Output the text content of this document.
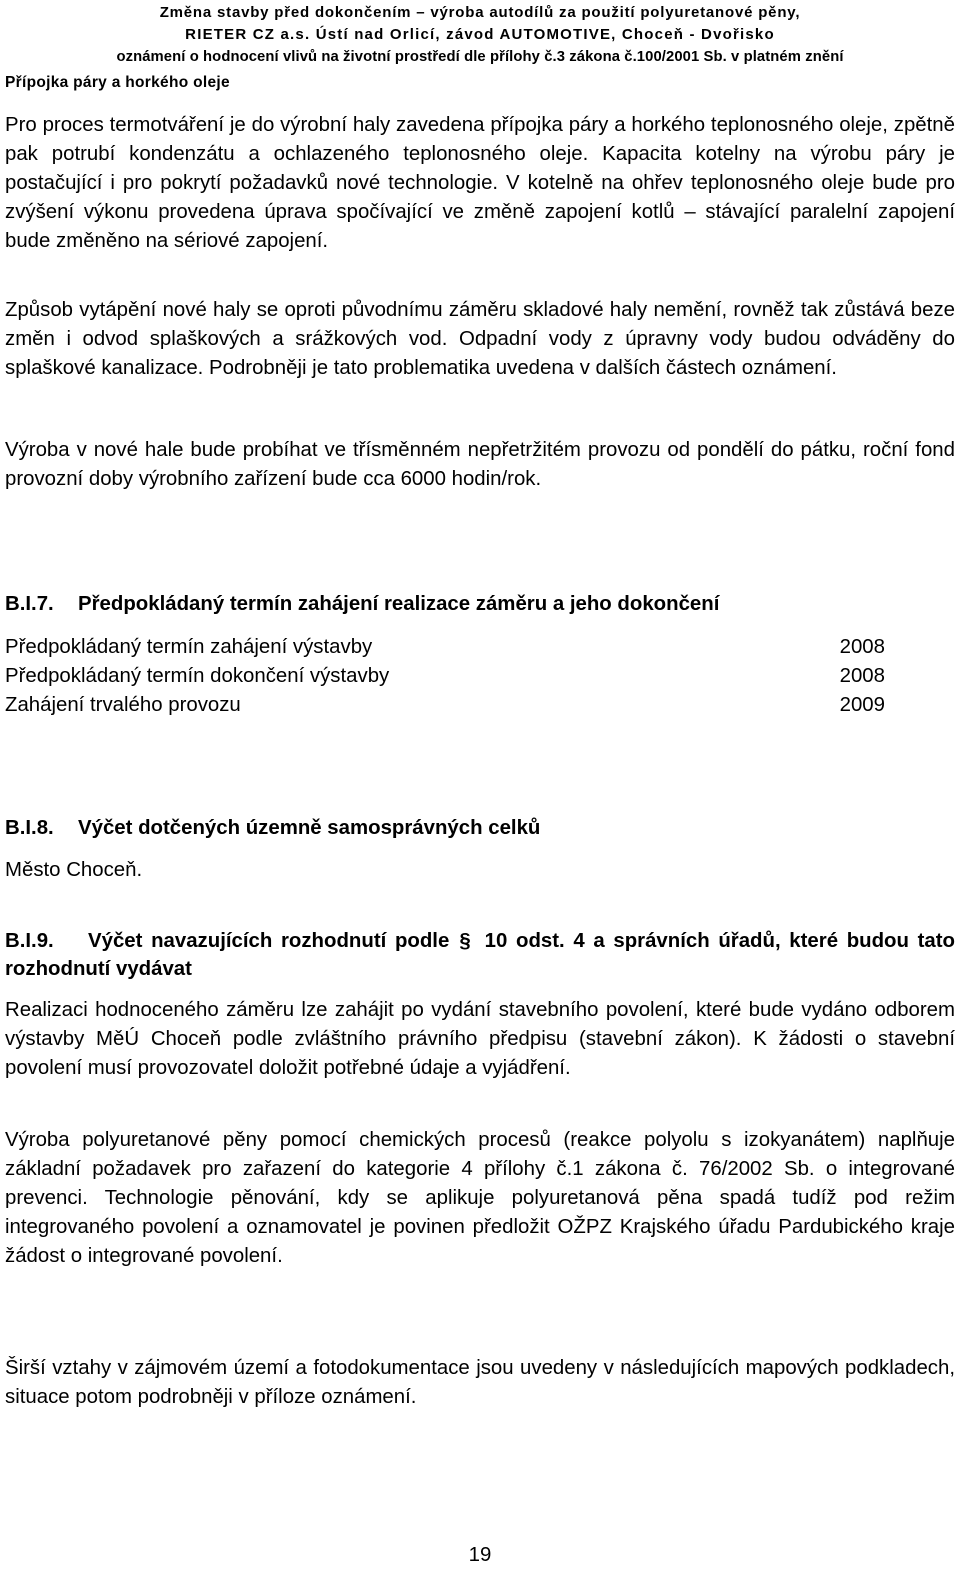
Změna stavby před dokončením – výroba autodílů za použití polyuretanové pěny,
RIETER CZ a.s. Ústí nad Orlicí, závod AUTOMOTIVE, Choceň - Dvořisko
oznámení o hodnocení vlivů na životní prostředí dle přílohy č.3 zákona č.100/2001 Sb. v platném znění
Přípojka páry a horkého oleje
Pro proces termotváření je do výrobní haly zavedena přípojka páry a horkého teplonosného oleje, zpětně pak potrubí kondenzátu a ochlazeného teplonosného oleje. Kapacita kotelny na výrobu páry je postačující i pro pokrytí požadavků nové technologie. V kotelně na ohřev teplonosného oleje bude pro zvýšení výkonu provedena úprava spočívající ve změně zapojení kotlů – stávající paralelní zapojení bude změněno na sériové zapojení.
Způsob vytápění nové haly se oproti původnímu záměru skladové haly nemění, rovněž tak zůstává beze změn i odvod splaškových a srážkových vod. Odpadní vody z úpravny vody budou odváděny do splaškové kanalizace. Podrobněji je tato problematika uvedena v dalších částech oznámení.
Výroba v nové hale bude probíhat ve třísměnném nepřetržitém provozu od pondělí do pátku, roční fond provozní doby výrobního zařízení bude cca 6000 hodin/rok.
B.I.7. Předpokládaný termín zahájení realizace záměru a jeho dokončení
Předpokládaný termín zahájení výstavby	2008
Předpokládaný termín dokončení výstavby	2008
Zahájení trvalého provozu	2009
B.I.8. Výčet dotčených územně samosprávných celků
Město Choceň.
B.I.9. Výčet navazujících rozhodnutí podle § 10 odst. 4 a správních úřadů, které budou tato rozhodnutí vydávat
Realizaci hodnoceného záměru lze zahájit po vydání stavebního povolení, které bude vydáno odborem výstavby MěÚ Choceň podle zvláštního právního předpisu (stavební zákon). K žádosti o stavební povolení musí provozovatel doložit potřebné údaje a vyjádření.
Výroba polyuretanové pěny pomocí chemických procesů (reakce polyolu s izokyanátem) naplňuje základní požadavek pro zařazení do kategorie 4 přílohy č.1 zákona č. 76/2002 Sb. o integrované prevenci. Technologie pěnování, kdy se aplikuje polyuretanová pěna spadá tudíž pod režim integrovaného povolení a oznamovatel je povinen předložit OŽPZ Krajského úřadu Pardubického kraje žádost o integrované povolení.
Širší vztahy v zájmovém území a fotodokumentace jsou uvedeny v následujících mapových podkladech, situace potom podrobněji v příloze oznámení.
19
